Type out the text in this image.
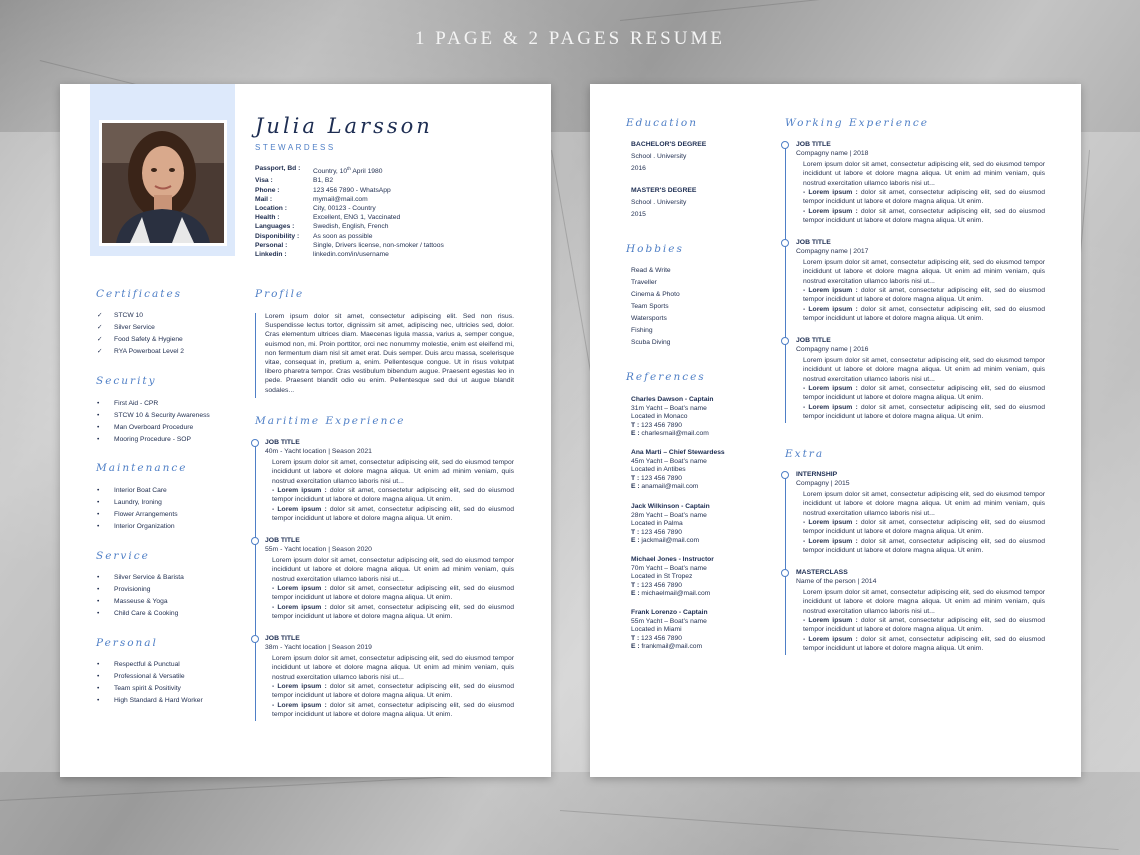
1 PAGE & 2 PAGES RESUME
Julia Larsson
STEWARDESS
Passport, Bd :	Country, 10th April 1980
Visa :	B1, B2
Phone :	123 456 7890 - WhatsApp
Mail :	mymail@mail.com
Location :	City, 00123 - Country
Health :	Excellent, ENG 1, Vaccinated
Languages :	Swedish, English, French
Disponibility :	As soon as possible
Personal :	Single, Drivers license, non-smoker / tattoos
Linkedin :	linkedin.com/in/username
Certificates
✓ STCW 10
✓ Silver Service
✓ Food Safety & Hygiene
✓ RYA Powerboat Level 2
Security
• First Aid - CPR
• STCW 10 & Security Awareness
• Man Overboard Procedure
• Mooring Procedure - SOP
Maintenance
• Interior Boat Care
• Laundry, Ironing
• Flower Arrangements
• Interior Organization
Service
• Silver Service & Barista
• Provisioning
• Masseuse & Yoga
• Child Care & Cooking
Personal
• Respectful & Punctual
• Professional & Versatile
• Team spirit & Positivity
• High Standard & Hard Worker
Profile
Lorem ipsum dolor sit amet, consectetur adipiscing elit. Sed non risus. Suspendisse lectus tortor, dignissim sit amet, adipiscing nec, ultricies sed, dolor. Cras elementum ultrices diam. Maecenas ligula massa, varius a, semper congue, euismod non, mi. Proin porttitor, orci nec nonummy molestie, enim est eleifend mi, non fermentum diam nisl sit amet erat. Duis semper. Duis arcu massa, scelerisque vitae, consequat in, pretium a, enim. Pellentesque congue. Ut in risus volutpat libero pharetra tempor. Cras vestibulum bibendum augue. Praesent egestas leo in pede. Praesent blandit odio eu enim. Pellentesque sed dui ut augue blandit sodales...
Maritime Experience
JOB TITLE
40m - Yacht location | Season 2021
Lorem ipsum dolor sit amet, consectetur adipiscing elit, sed do eiusmod tempor incididunt ut labore et dolore magna aliqua. Ut enim ad minim veniam, quis nostrud exercitation ullamco laboris nisi ut...
- Lorem ipsum : dolor sit amet, consectetur adipiscing elit, sed do eiusmod tempor incididunt ut labore et dolore magna aliqua. Ut enim.
- Lorem ipsum : dolor sit amet, consectetur adipiscing elit, sed do eiusmod tempor incididunt ut labore et dolore magna aliqua. Ut enim.
JOB TITLE
55m - Yacht location | Season 2020
Lorem ipsum dolor sit amet, consectetur adipiscing elit, sed do eiusmod tempor incididunt ut labore et dolore magna aliqua. Ut enim ad minim veniam, quis nostrud exercitation ullamco laboris nisi ut...
- Lorem ipsum : dolor sit amet, consectetur adipiscing elit, sed do eiusmod tempor incididunt ut labore et dolore magna aliqua. Ut enim.
- Lorem ipsum : dolor sit amet, consectetur adipiscing elit, sed do eiusmod tempor incididunt ut labore et dolore magna aliqua. Ut enim.
JOB TITLE
38m - Yacht location | Season 2019
Lorem ipsum dolor sit amet, consectetur adipiscing elit, sed do eiusmod tempor incididunt ut labore et dolore magna aliqua. Ut enim ad minim veniam, quis nostrud exercitation ullamco laboris nisi ut...
- Lorem ipsum : dolor sit amet, consectetur adipiscing elit, sed do eiusmod tempor incididunt ut labore et dolore magna aliqua. Ut enim.
- Lorem ipsum : dolor sit amet, consectetur adipiscing elit, sed do eiusmod tempor incididunt ut labore et dolore magna aliqua. Ut enim.
Education
BACHELOR'S DEGREE
School . University
2016
MASTER'S DEGREE
School . University
2015
Hobbies
Read & Write
Traveller
Cinema & Photo
Team Sports
Watersports
Fishing
Scuba Diving
References
Charles Dawson - Captain
31m Yacht – Boat’s name
Located in Monaco
T : 123 456 7890
E : charlesmail@mail.com
Ana Marti – Chief Stewardess
45m Yacht – Boat’s name
Located in Antibes
T : 123 456 7890
E : anamail@mail.com
Jack Wilkinson - Captain
28m Yacht – Boat’s name
Located in Palma
T : 123 456 7890
E : jackmail@mail.com
Michael Jones - Instructor
70m Yacht – Boat’s name
Located in St Tropez
T : 123 456 7890
E : michaelmail@mail.com
Frank Lorenzo - Captain
55m Yacht – Boat’s name
Located in Miami
T : 123 456 7890
E : frankmail@mail.com
Working Experience
JOB TITLE
Compagny name | 2018
Lorem ipsum dolor sit amet, consectetur adipiscing elit, sed do eiusmod tempor incididunt ut labore et dolore magna aliqua. Ut enim ad minim veniam, quis nostrud exercitation ullamco laboris nisi ut...
- Lorem ipsum : dolor sit amet, consectetur adipiscing elit, sed do eiusmod tempor incididunt ut labore et dolore magna aliqua. Ut enim.
- Lorem ipsum : dolor sit amet, consectetur adipiscing elit, sed do eiusmod tempor incididunt ut labore et dolore magna aliqua. Ut enim.
JOB TITLE
Compagny name | 2017
Lorem ipsum dolor sit amet, consectetur adipiscing elit, sed do eiusmod tempor incididunt ut labore et dolore magna aliqua. Ut enim ad minim veniam, quis nostrud exercitation ullamco laboris nisi ut...
- Lorem ipsum : dolor sit amet, consectetur adipiscing elit, sed do eiusmod tempor incididunt ut labore et dolore magna aliqua. Ut enim.
- Lorem ipsum : dolor sit amet, consectetur adipiscing elit, sed do eiusmod tempor incididunt ut labore et dolore magna aliqua. Ut enim.
JOB TITLE
Compagny name | 2016
Lorem ipsum dolor sit amet, consectetur adipiscing elit, sed do eiusmod tempor incididunt ut labore et dolore magna aliqua. Ut enim ad minim veniam, quis nostrud exercitation ullamco laboris nisi ut...
- Lorem ipsum : dolor sit amet, consectetur adipiscing elit, sed do eiusmod tempor incididunt ut labore et dolore magna aliqua. Ut enim.
- Lorem ipsum : dolor sit amet, consectetur adipiscing elit, sed do eiusmod tempor incididunt ut labore et dolore magna aliqua. Ut enim.
Extra
INTERNSHIP
Compagny | 2015
Lorem ipsum dolor sit amet, consectetur adipiscing elit, sed do eiusmod tempor incididunt ut labore et dolore magna aliqua. Ut enim ad minim veniam, quis nostrud exercitation ullamco laboris nisi ut...
- Lorem ipsum : dolor sit amet, consectetur adipiscing elit, sed do eiusmod tempor incididunt ut labore et dolore magna aliqua. Ut enim.
- Lorem ipsum : dolor sit amet, consectetur adipiscing elit, sed do eiusmod tempor incididunt ut labore et dolore magna aliqua. Ut enim.
MASTERCLASS
Name of the person | 2014
Lorem ipsum dolor sit amet, consectetur adipiscing elit, sed do eiusmod tempor incididunt ut labore et dolore magna aliqua. Ut enim ad minim veniam, quis nostrud exercitation ullamco laboris nisi ut...
- Lorem ipsum : dolor sit amet, consectetur adipiscing elit, sed do eiusmod tempor incididunt ut labore et dolore magna aliqua. Ut enim.
- Lorem ipsum : dolor sit amet, consectetur adipiscing elit, sed do eiusmod tempor incididunt ut labore et dolore magna aliqua. Ut enim.
